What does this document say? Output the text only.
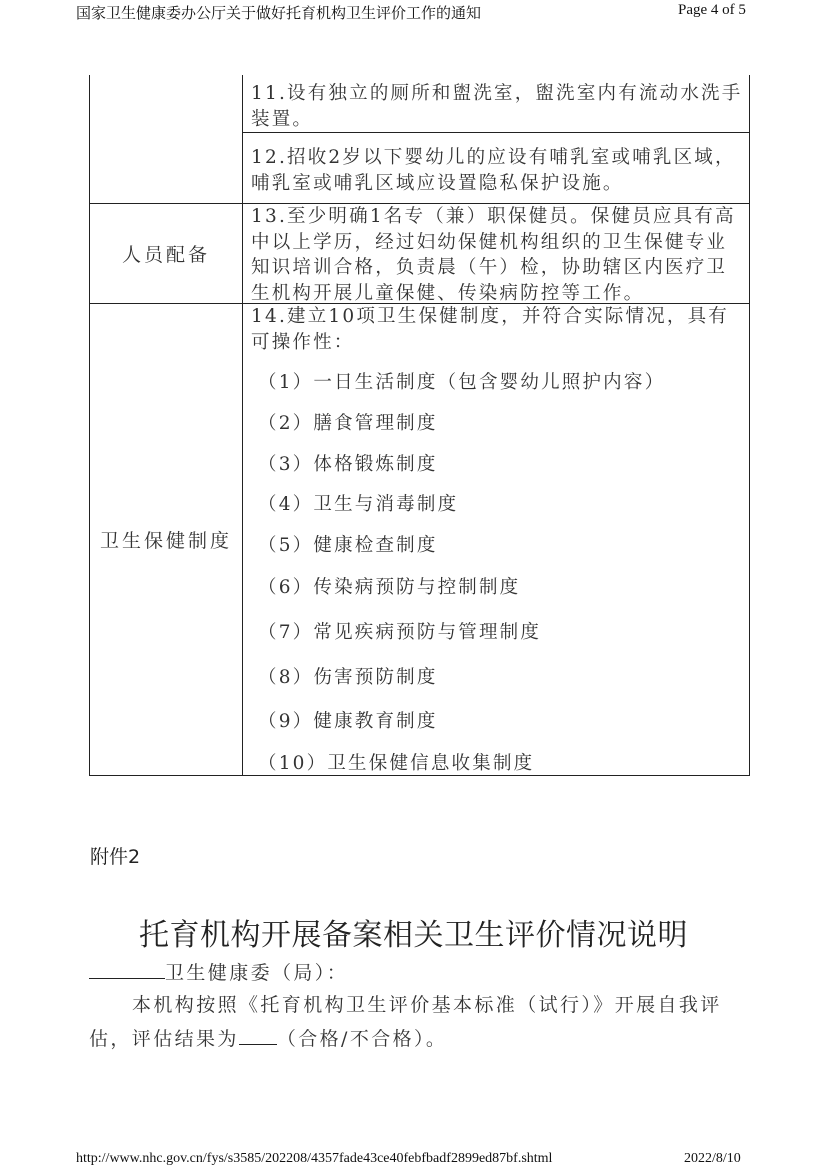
国家卫生健康委办公厅关于做好托育机构卫生评价工作的通知	Page 4 of 5
11.设有独立的厕所和盥洗室，盥洗室内有流动水洗手装置。
12.招收2岁以下婴幼儿的应设有哺乳室或哺乳区域，哺乳室或哺乳区域应设置隐私保护设施。
人员配备
13.至少明确1名专（兼）职保健员。保健员应具有高中以上学历，经过妇幼保健机构组织的卫生保健专业知识培训合格，负责晨（午）检，协助辖区内医疗卫生机构开展儿童保健、传染病防控等工作。
卫生保健制度
14.建立10项卫生保健制度，并符合实际情况，具有可操作性：
（1）一日生活制度（包含婴幼儿照护内容）
（2）膳食管理制度
（3）体格锻炼制度
（4）卫生与消毒制度
（5）健康检查制度
（6）传染病预防与控制制度
（7）常见疾病预防与管理制度
（8）伤害预防制度
（9）健康教育制度
（10）卫生保健信息收集制度
附件2
托育机构开展备案相关卫生评价情况说明
卫生健康委（局）：
本机构按照《托育机构卫生评价基本标准（试行）》开展自我评
估，评估结果为 （合格/不合格）。
http://www.nhc.gov.cn/fys/s3585/202208/4357fade43ce40febfbadf2899ed87bf.shtml	2022/8/10
